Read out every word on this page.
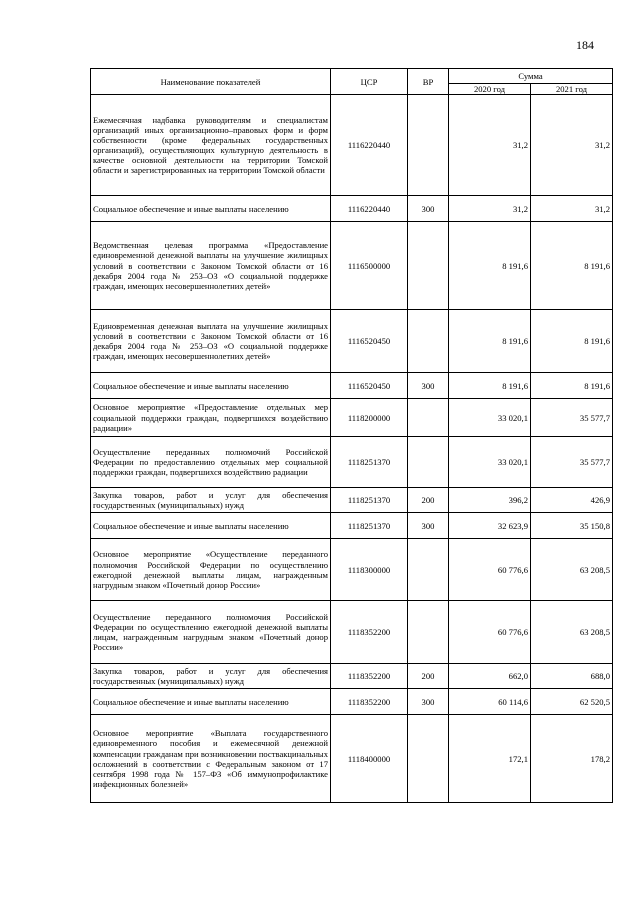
184
Наименование показателей	ЦСР	ВР	Сумма	
			2020 год	2021 год
Ежемесячная надбавка руководителям и специалистам организаций иных организационно–правовых форм и форм собственности (кроме федеральных государственных организаций), осуществляющих культурную деятельность в качестве основной деятельности на территории Томской области и зарегистрированных на территории Томской области	1116220440		31,2	31,2
Социальное обеспечение и иные выплаты населению	1116220440	300	31,2	31,2
Ведомственная целевая программа «Предоставление единовременной денежной выплаты на улучшение жилищных условий в соответствии с Законом Томской области от 16 декабря 2004 года № 253–ОЗ «О социальной поддержке граждан, имеющих несовершеннолетних детей»	1116500000		8 191,6	8 191,6
Единовременная денежная выплата на улучшение жилищных условий в соответствии с Законом Томской области от 16 декабря 2004 года № 253–ОЗ «О социальной поддержке граждан, имеющих несовершеннолетних детей»	1116520450		8 191,6	8 191,6
Социальное обеспечение и иные выплаты населению	1116520450	300	8 191,6	8 191,6
Основное мероприятие «Предоставление отдельных мер социальной поддержки граждан, подвергшихся воздействию радиации»	1118200000		33 020,1	35 577,7
Осуществление переданных полномочий Российской Федерации по предоставлению отдельных мер социальной поддержки граждан, подвергшихся воздействию радиации	1118251370		33 020,1	35 577,7
Закупка товаров, работ и услуг для обеспечения государственных (муниципальных) нужд	1118251370	200	396,2	426,9
Социальное обеспечение и иные выплаты населению	1118251370	300	32 623,9	35 150,8
Основное мероприятие «Осуществление переданного полномочия Российской Федерации по осуществлению ежегодной денежной выплаты лицам, награжденным нагрудным знаком «Почетный донор России»	1118300000		60 776,6	63 208,5
Осуществление переданного полномочия Российской Федерации по осуществлению ежегодной денежной выплаты лицам, награжденным нагрудным знаком «Почетный донор России»	1118352200		60 776,6	63 208,5
Закупка товаров, работ и услуг для обеспечения государственных (муниципальных) нужд	1118352200	200	662,0	688,0
Социальное обеспечение и иные выплаты населению	1118352200	300	60 114,6	62 520,5
Основное мероприятие «Выплата государственного единовременного пособия и ежемесячной денежной компенсации гражданам при возникновении поствакцинальных осложнений в соответствии с Федеральным законом от 17 сентября 1998 года № 157–ФЗ «Об иммунопрофилактике инфекционных болезней»	1118400000		172,1	178,2
